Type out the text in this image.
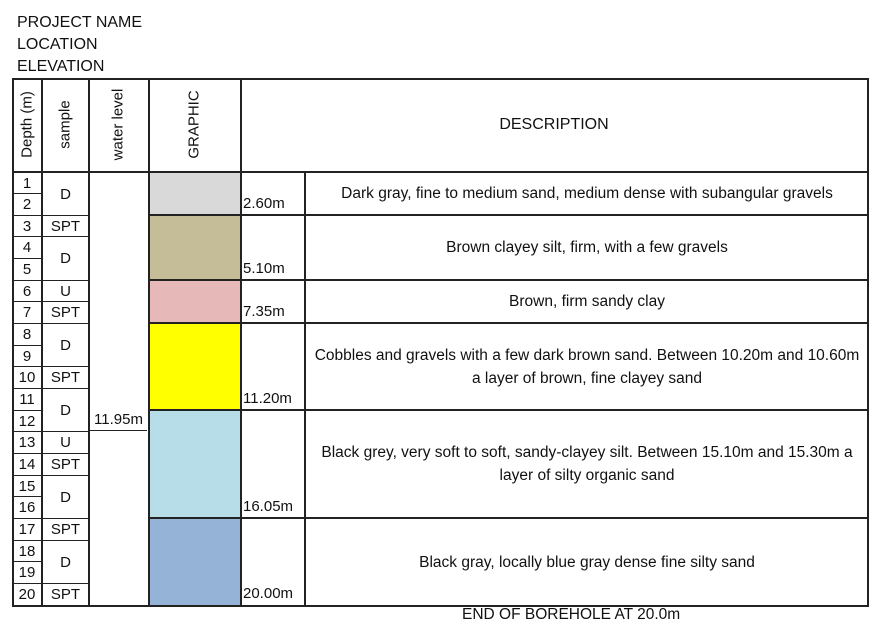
PROJECT NAME
LOCATION
ELEVATION
Depth (m) sample water level	GRAPHIC	DESCRIPTION
1
2
3
4
5
6
7
8
9
10
11
12
13
14
15
16
17
18
19
20
D
SPT
D
U
SPT
D
SPT
D
U
SPT
D
SPT
D
SPT
11.95m
2.60m
5.10m
7.35m
11.20m
16.05m
20.00m
Dark gray, fine to medium sand, medium dense with subangular gravels
Brown clayey silt, firm, with a few gravels
Brown, firm sandy clay
Cobbles and gravels with a few dark brown sand. Between 10.20m and 10.60m a layer of brown, fine clayey sand
Black grey, very soft to soft, sandy-clayey silt. Between 15.10m and 15.30m a layer of silty organic sand
Black gray, locally blue gray dense fine silty sand
END OF BOREHOLE AT 20.0m
